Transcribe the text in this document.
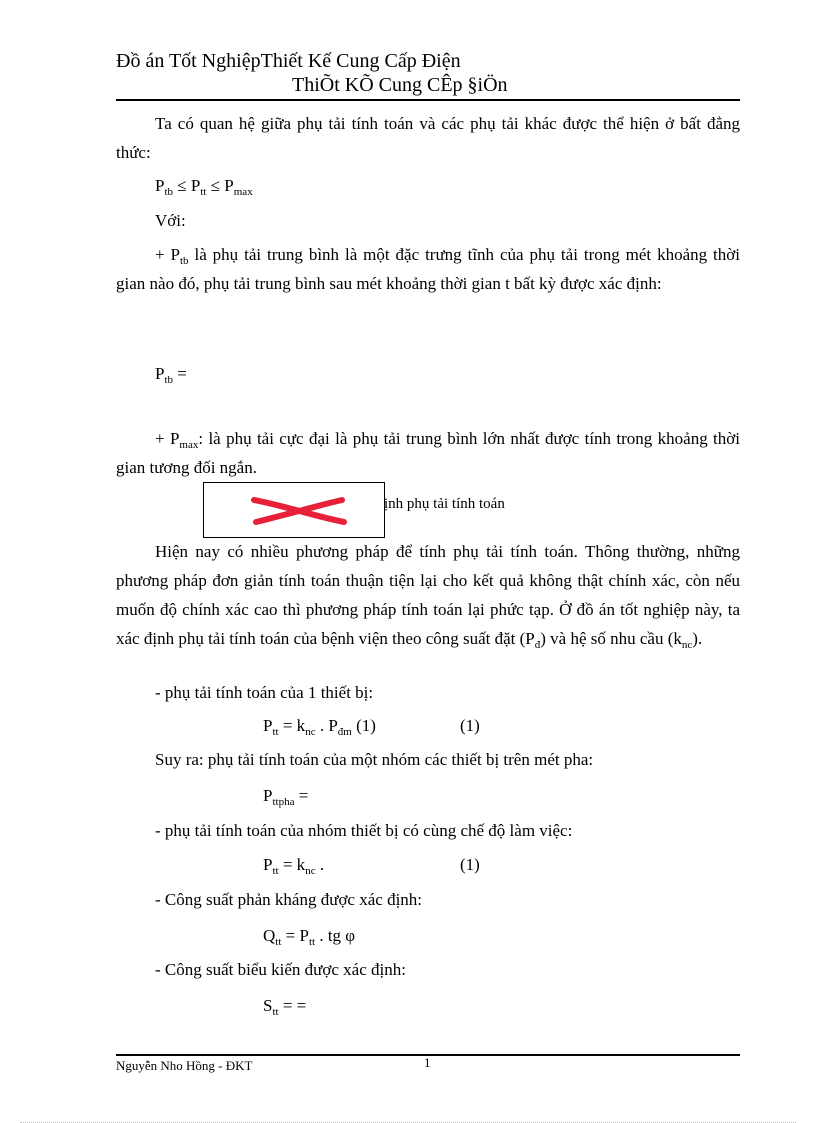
Đồ án Tốt NghiệpThiết Kế Cung Cấp Điện
ThiÕt KÕ Cung CÊp §iÖn
Ta có quan hệ giữa phụ tải tính toán và các phụ tải khác được thể hiện ở bất đẳng thức:
$P_{tb} \le P_{tt} \le P_{max}$
Với:
+ $P_{tb}$ là phụ tải trung bình là một đặc trưng tĩnh của phụ tải trong mét khoảng thời gian nào đó, phụ tải trung bình sau mét khoảng thời gian t bất kỳ được xác định:
$P_{tb}$ =
+ $P_{max}$: là phụ tải cực đại là phụ tải trung bình lớn nhất được tính trong khoảng thời gian tương đối ngắn.
ịnh phụ tải tính toán
Hiện nay có nhiều phương pháp để tính phụ tải tính toán. Thông thường, những phương pháp đơn giản tính toán thuận tiện lại cho kết quả không thật chính xác, còn nếu muốn độ chính xác cao thì phương pháp tính toán lại phức tạp. Ở đồ án tốt nghiệp này, ta xác định phụ tải tính toán của bệnh viện theo công suất đặt $(P_đ)$ và hệ số nhu cầu $(k_{nc})$.
- phụ tải tính toán của 1 thiết bị:
$P_{tt} = k_{nc}$ . $P_{đm}$ (1)	(1)
Suy ra: phụ tải tính toán của một nhóm các thiết bị trên mét pha:
$P_{ttpha}$ =
- phụ tải tính toán của nhóm thiết bị có cùng chế độ làm việc:
$P_{tt} = k_{nc}$ .	(1)
- Công suất phản kháng được xác định:
$Q_{tt} = P_{tt}$ . tg φ
- Công suất biểu kiến được xác định:
$S_{tt}$ = =
Nguyễn Nho Hồng - ĐKT	1
